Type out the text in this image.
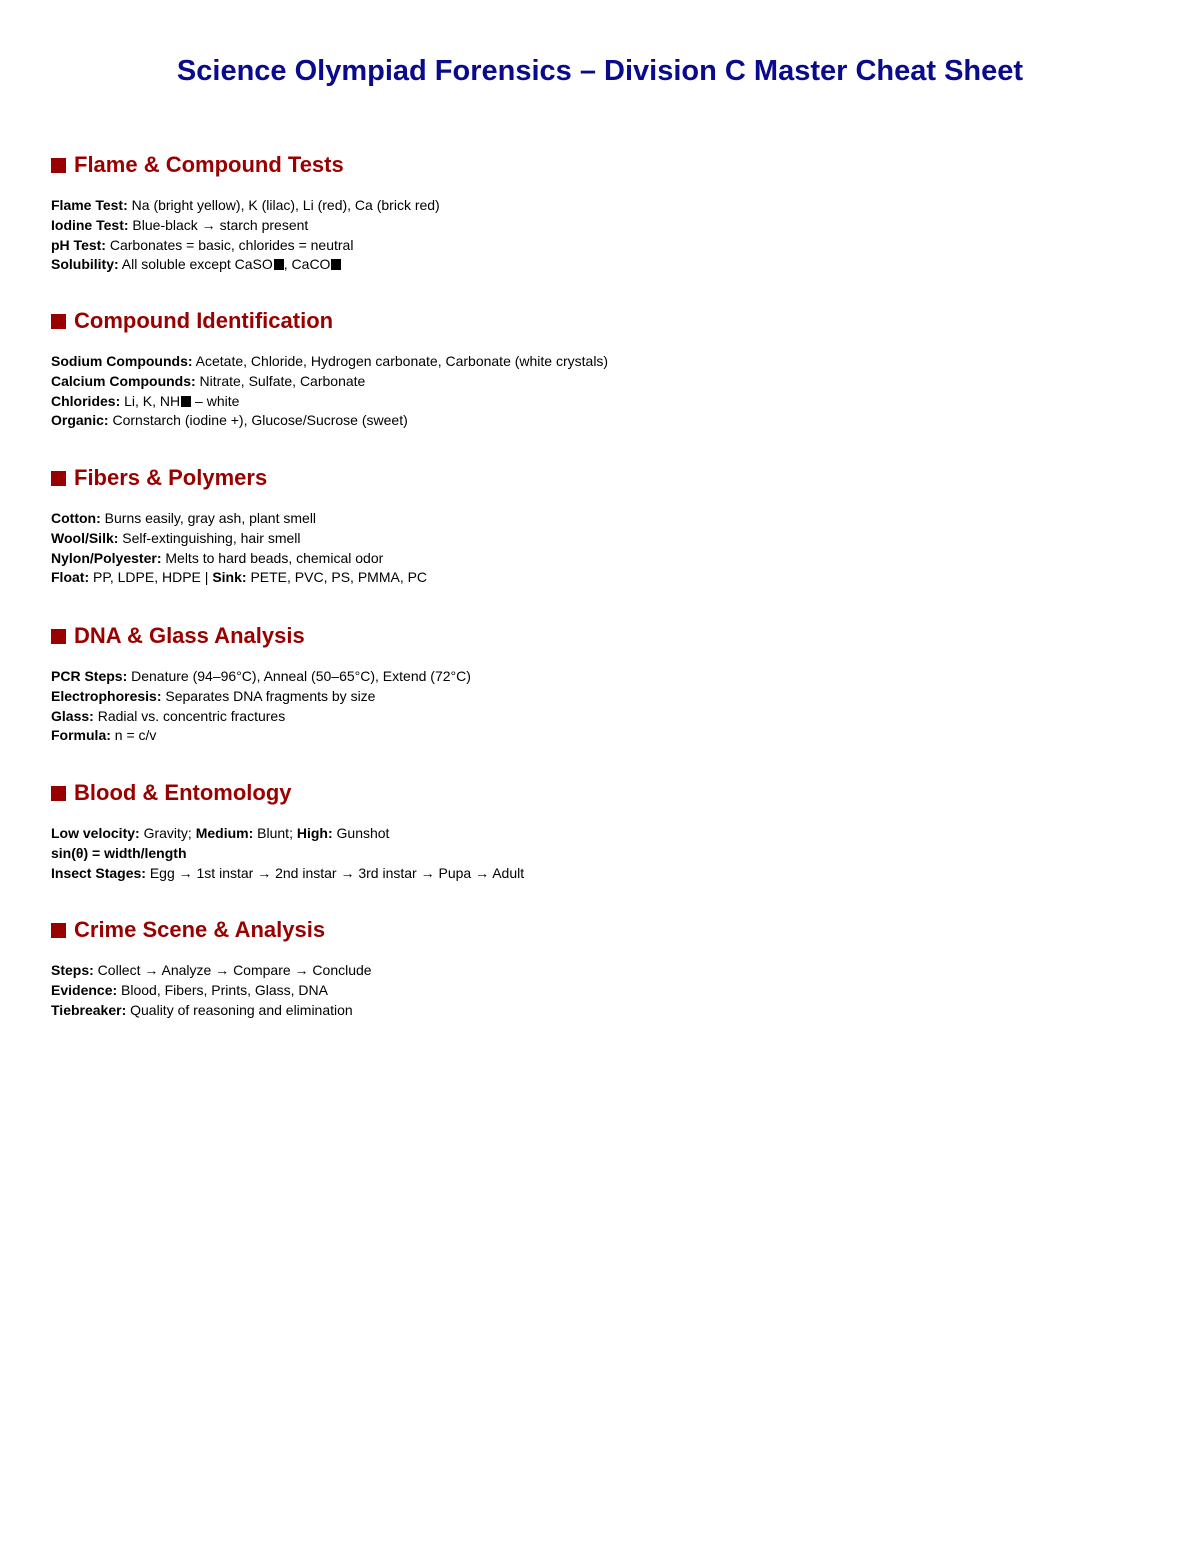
Science Olympiad Forensics – Division C Master Cheat Sheet
Flame & Compound Tests
Flame Test: Na (bright yellow), K (lilac), Li (red), Ca (brick red)
Iodine Test: Blue-black → starch present
pH Test: Carbonates = basic, chlorides = neutral
Solubility: All soluble except CaSO , CaCO
Compound Identification
Sodium Compounds: Acetate, Chloride, Hydrogen carbonate, Carbonate (white crystals)
Calcium Compounds: Nitrate, Sulfate, Carbonate
Chlorides: Li, K, NH – white
Organic: Cornstarch (iodine +), Glucose/Sucrose (sweet)
Fibers & Polymers
Cotton: Burns easily, gray ash, plant smell
Wool/Silk: Self-extinguishing, hair smell
Nylon/Polyester: Melts to hard beads, chemical odor
Float: PP, LDPE, HDPE | Sink: PETE, PVC, PS, PMMA, PC
DNA & Glass Analysis
PCR Steps: Denature (94–96°C), Anneal (50–65°C), Extend (72°C)
Electrophoresis: Separates DNA fragments by size
Glass: Radial vs. concentric fractures
Formula: n = c/v
Blood & Entomology
Low velocity: Gravity; Medium: Blunt; High: Gunshot
sin(θ) = width/length
Insect Stages: Egg → 1st instar → 2nd instar → 3rd instar → Pupa → Adult
Crime Scene & Analysis
Steps: Collect → Analyze → Compare → Conclude
Evidence: Blood, Fibers, Prints, Glass, DNA
Tiebreaker: Quality of reasoning and elimination
